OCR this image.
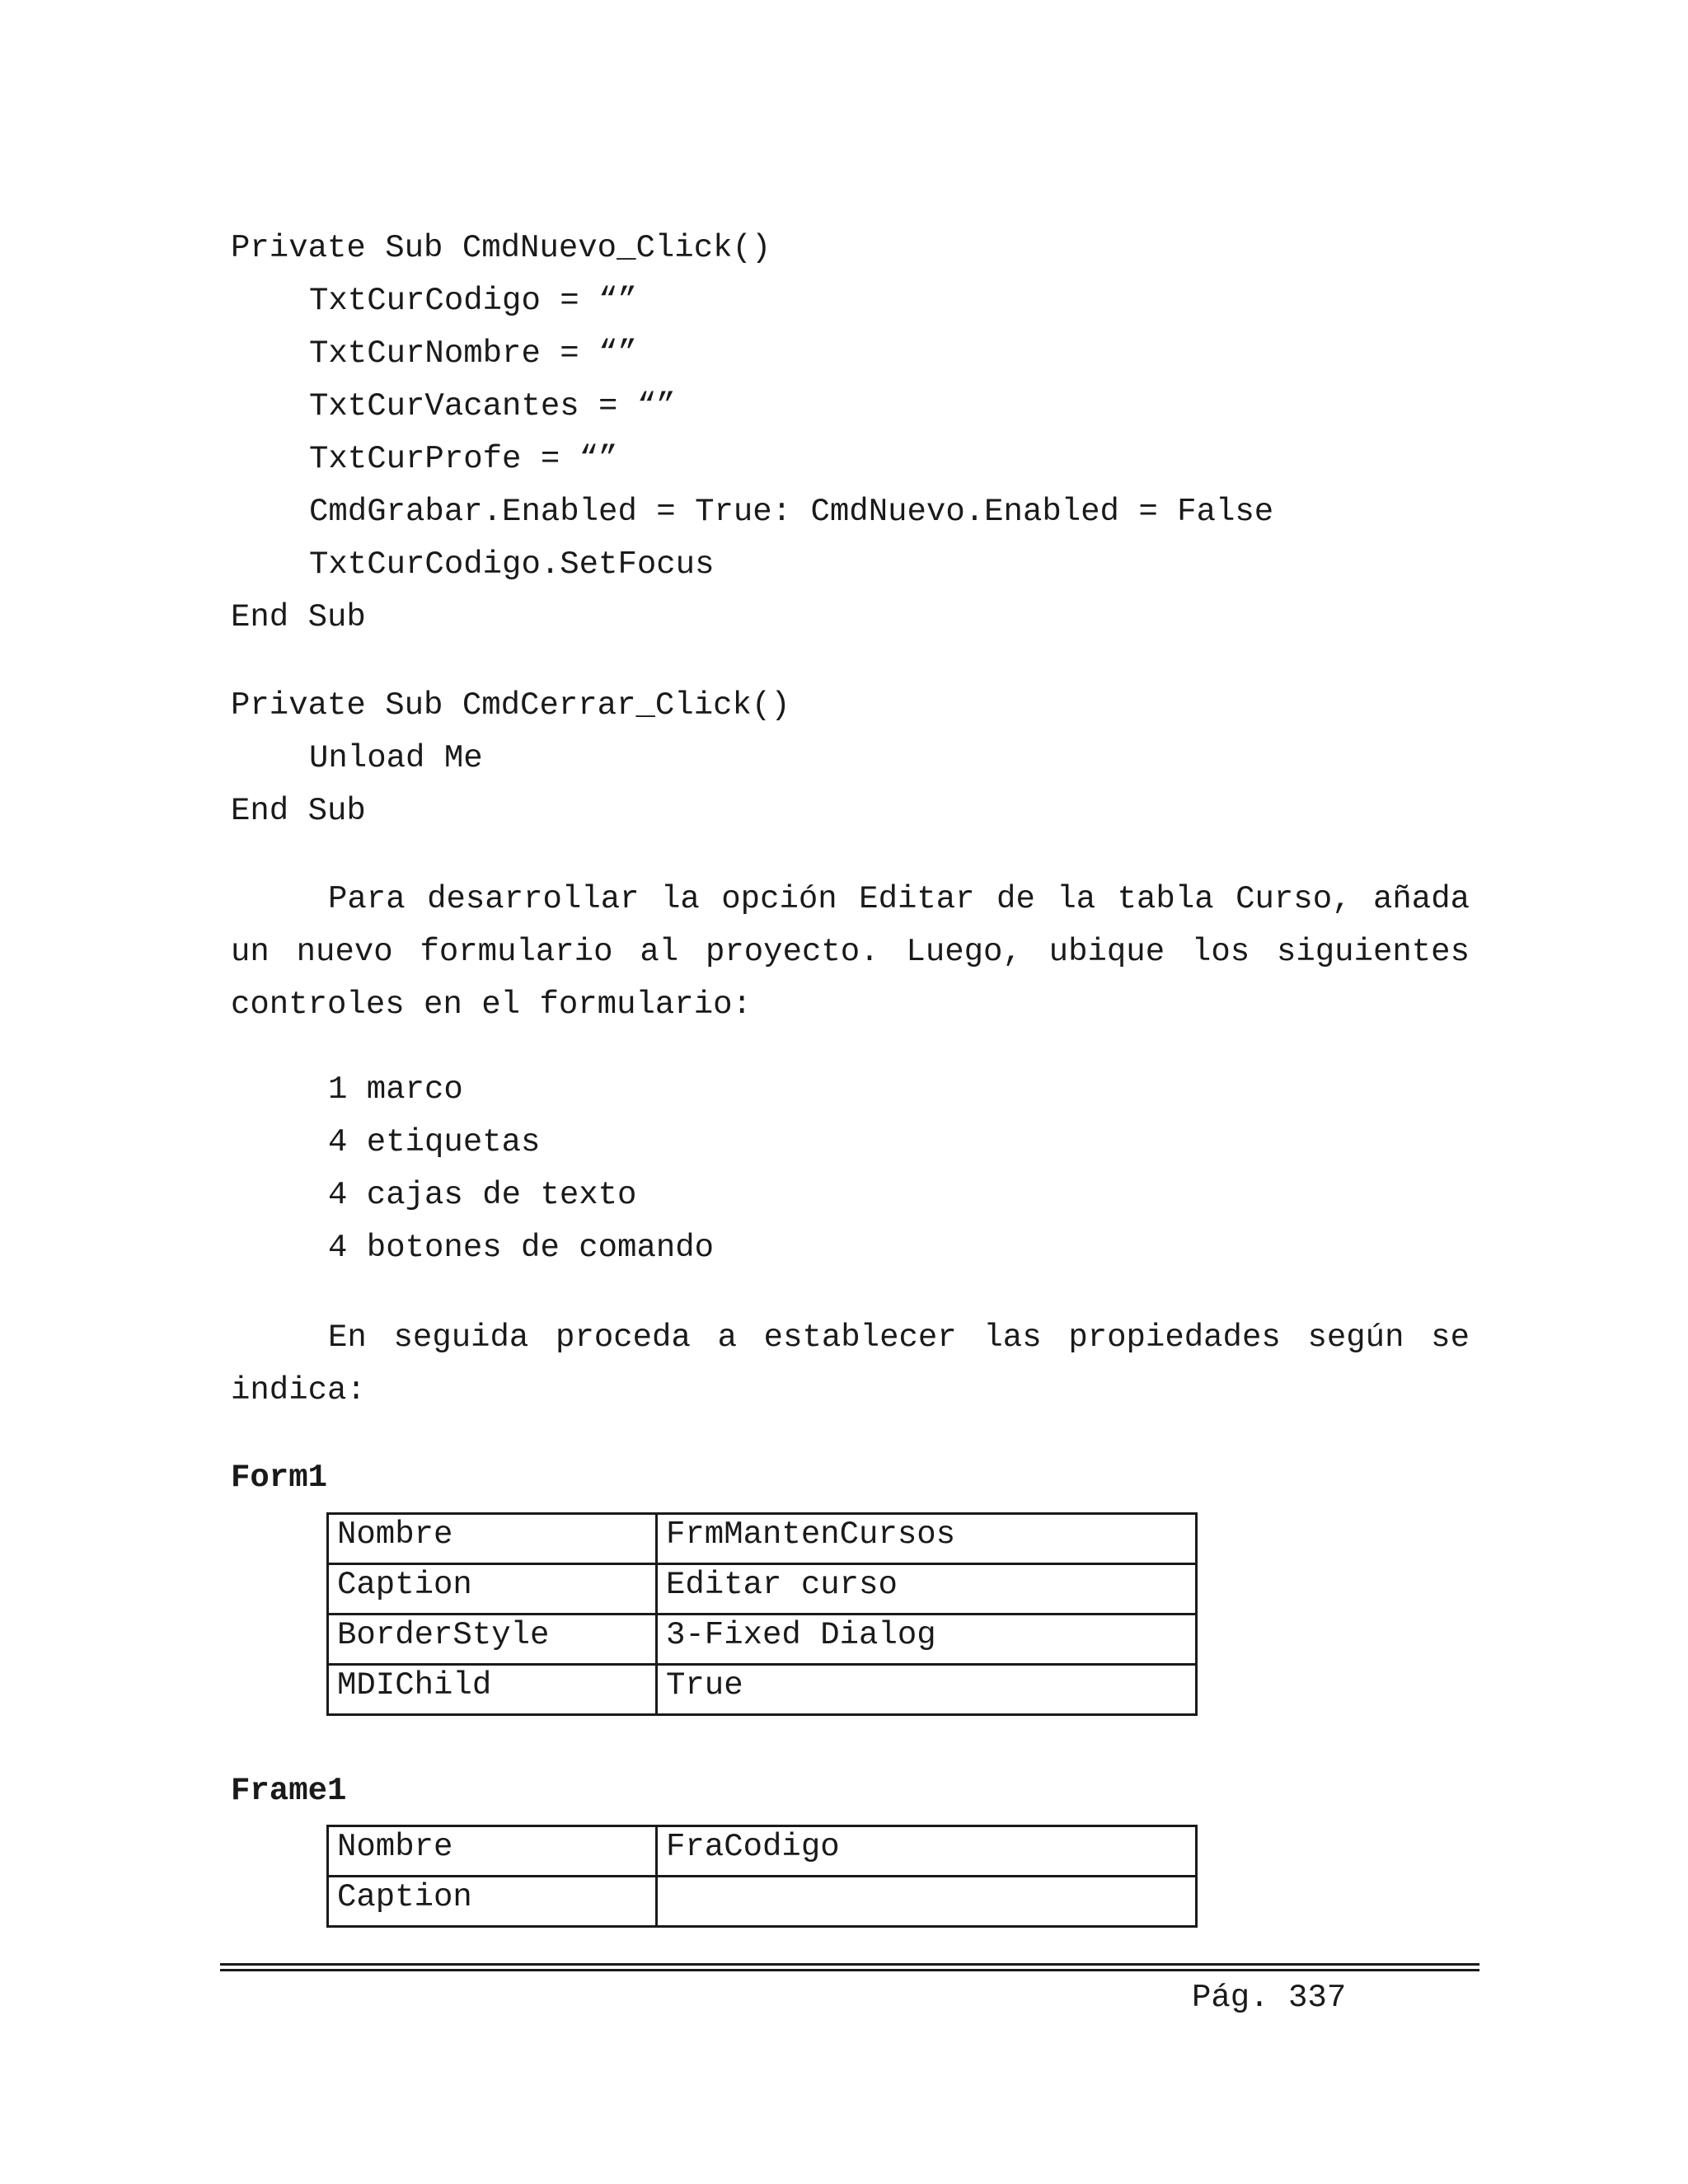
Private Sub CmdNuevo_Click()
TxtCurCodigo = “”
TxtCurNombre = “”
TxtCurVacantes = “”
TxtCurProfe = “”
CmdGrabar.Enabled = True: CmdNuevo.Enabled = False
TxtCurCodigo.SetFocus
End Sub
Private Sub CmdCerrar_Click()
Unload Me
End Sub
Para desarrollar la opción Editar de la tabla Curso, añada un nuevo formulario al proyecto. Luego, ubique los siguientes controles en el formulario:
1 marco
4 etiquetas
4 cajas de texto
4 botones de comando
En seguida proceda a establecer las propiedades según se indica:
Form1
Nombre	FrmMantenCursos
Caption	Editar curso
BorderStyle	3-Fixed Dialog
MDIChild	True
Frame1
Nombre	FraCodigo
Caption	
Pág. 337
